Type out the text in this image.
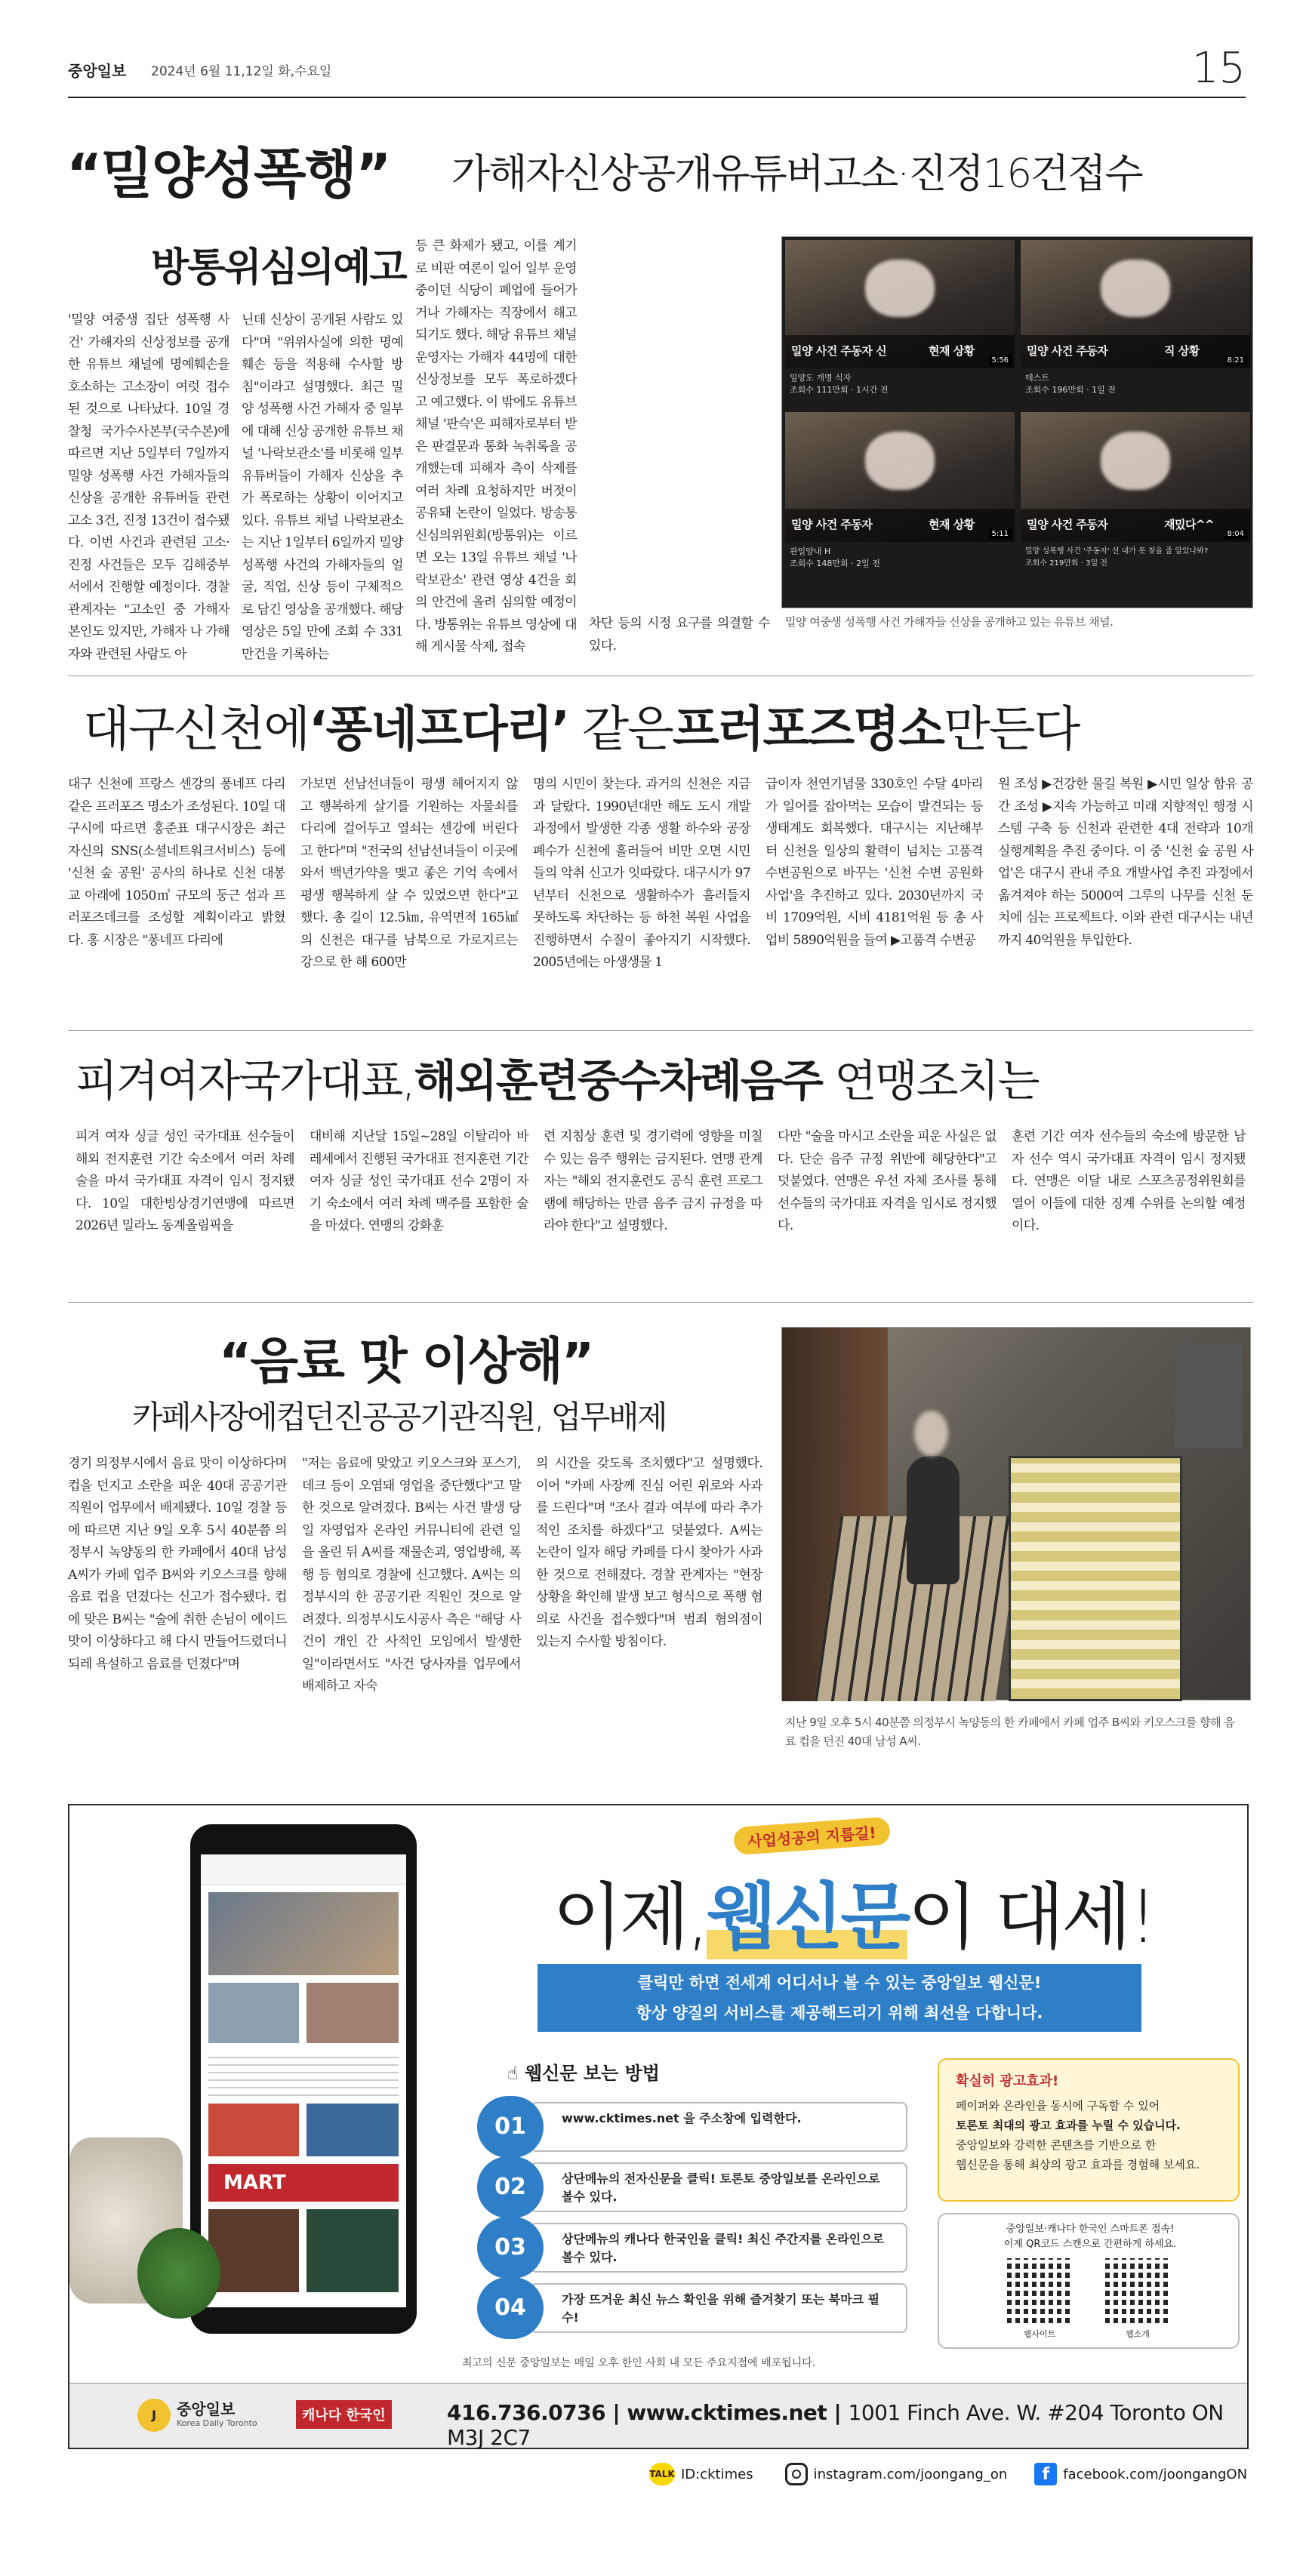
중앙일보 2024년 6월 11,12일 화,수요일	15
“밀양성폭행” 가해자신상공개유튜버고소·진정16건접수
방통위심의예고
'밀양 여중생 집단 성폭행 사건' 가해자의 신상정보를 공개한 유튜브 채널에 명예훼손을 호소하는 고소장이 여럿 접수된 것으로 나타났다. 10일 경찰청 국가수사본부(국수본)에 따르면 지난 5일부터 7일까지 밀양 성폭행 사건 가해자들의 신상을 공개한 유튜버들 관련 고소 3건, 진정 13건이 접수됐다. 이번 사건과 관련된 고소·진정 사건들은 모두 김해중부서에서 진행할 예정이다. 경찰 관계자는 "고소인 중 가해자 본인도 있지만, 가해자 나 가해자와 관련된 사람도 아
닌데 신상이 공개된 사람도 있다"며 "위위사실에 의한 명예훼손 등을 적용해 수사할 방침"이라고 설명했다. 최근 밀양 성폭행 사건 가해자 중 일부에 대해 신상 공개한 유튜브 채널 '나락보관소'를 비롯해 일부 유튜버들이 가해자 신상을 추가 폭로하는 상황이 이어지고 있다. 유튜브 채널 나락보관소는 지난 1일부터 6일까지 밀양 성폭행 사건의 가해자들의 얼굴, 직업, 신상 등이 구체적으로 담긴 영상을 공개했다. 해당 영상은 5일 만에 조회 수 331만건을 기록하는
등 큰 화제가 됐고, 이를 계기로 비판 여론이 일어 일부 운영 중이던 식당이 폐업에 들어가거나 가해자는 직장에서 해고되기도 했다. 해당 유튜브 채널 운영자는 가해자 44명에 대한 신상정보를 모두 폭로하겠다고 예고했다. 이 밖에도 유튜브 채널 '판슥'은 피해자로부터 받은 판결문과 통화 녹취록을 공개했는데 피해자 측이 삭제를 여러 차례 요청하지만 버젓이 공유돼 논란이 일었다. 방송통신심의위원회(방통위)는 이르면 오는 13일 유튜브 채널 '나락보관소' 관련 영상 4건을 회의 안건에 올려 심의할 예정이다. 방통위는 유튜브 영상에 대해 게시물 삭제, 접속
밀양 사건 주동자 신	현재 상황
5:56
밀양도 개명 식자
조회수 111만회 · 1시간 전
밀양 사건 주동자	직 상황
8:21
테스트
조회수 196만회 · 1일 전
밀양 사건 주동자	현재 상황
5:11
관밀양내 H
조회수 148만회 · 2일 전
밀양 사건 주동자	재밌다^^
8:04
밀양 성폭행 사건 '주동자' 선 내가 못 찾을 줄 알았나봐?
조회수 219만회 · 3일 전
밀양 여중생 성폭행 사건 가해자들 신상을 공개하고 있는 유튜브 채널.
차단 등의 시정 요구를 의결할 수 있다.
대구신천에‘퐁네프다리’ 같은프러포즈명소만든다
대구 신천에 프랑스 센강의 퐁네프 다리 같은 프러포즈 명소가 조성된다. 10일 대구시에 따르면 홍준표 대구시장은 최근 자신의 SNS(소셜네트워크서비스) 등에 '신천 숲 공원' 공사의 하나로 신천 대봉교 아래에 1050㎡ 규모의 둥근 섬과 프러포즈데크를 조성할 계획이라고 밝혔다. 홍 시장은 "퐁네프 다리에
가보면 선남선녀들이 평생 헤어지지 않고 행복하게 살기를 기원하는 자물쇠를 다리에 걸어두고 열쇠는 센강에 버린다고 한다"며 "전국의 선남선녀들이 이곳에 와서 백년가약을 맺고 좋은 기억 속에서 평생 행복하게 살 수 있었으면 한다"고 했다. 총 길이 12.5㎞, 유역면적 165㎢의 신천은 대구를 남북으로 가로지르는 강으로 한 해 600만
명의 시민이 찾는다. 과거의 신천은 지금과 달랐다. 1990년대만 해도 도시 개발 과정에서 발생한 각종 생활 하수와 공장 폐수가 신천에 흘러들어 비만 오면 시민들의 악취 신고가 잇따랐다. 대구시가 97년부터 신천으로 생활하수가 흘러들지 못하도록 차단하는 등 하천 복원 사업을 진행하면서 수질이 좋아지기 시작했다. 2005년에는 아생생물 1
급이자 천연기념물 330호인 수달 4마리가 일어를 잡아먹는 모습이 발견되는 등 생태계도 회복했다. 대구시는 지난해부터 신천을 일상의 활력이 넘치는 고품격 수변공원으로 바꾸는 '신천 수변 공원화 사업'을 추진하고 있다. 2030년까지 국비 1709억원, 시비 4181억원 등 총 사업비 5890억원을 들여 ▶고품격 수변공
원 조성 ▶건강한 물길 복원 ▶시민 일상 함유 공간 조성 ▶지속 가능하고 미래 지향적인 행정 시스템 구축 등 신천과 관련한 4대 전략과 10개 실행계획을 추진 중이다. 이 중 '신천 숲 공원 사업'은 대구시 관내 주요 개발사업 추진 과정에서 옮겨져야 하는 5000여 그루의 나무를 신천 둔치에 심는 프로젝트다. 이와 관련 대구시는 내년까지 40억원을 투입한다.
피겨여자국가대표,해외훈련중수차례음주 연맹조치는
피겨 여자 싱글 성인 국가대표 선수들이 해외 전지훈련 기간 숙소에서 여러 차례 술을 마셔 국가대표 자격이 임시 정지됐다. 10일 대한빙상경기연맹에 따르면 2026년 밀라노 동계올림픽을
대비해 지난달 15일~28일 이탈리아 바레세에서 진행된 국가대표 전지훈련 기간 여자 싱글 성인 국가대표 선수 2명이 자기 숙소에서 여러 차례 맥주를 포함한 술을 마셨다. 연맹의 강화훈
련 지침상 훈련 및 경기력에 영향을 미칠 수 있는 음주 행위는 금지된다. 연맹 관계자는 "해외 전지훈련도 공식 훈련 프로그램에 해당하는 만큼 음주 금지 규정을 따라야 한다"고 설명했다.
다만 "술을 마시고 소란을 피운 사실은 없다. 단순 음주 규정 위반에 해당한다"고 덧붙였다. 연맹은 우선 자체 조사를 통해 선수들의 국가대표 자격을 임시로 정지했다.
훈련 기간 여자 선수들의 숙소에 방문한 남자 선수 역시 국가대표 자격이 임시 정지됐다. 연맹은 이달 내로 스포츠공정위원회를 열어 이들에 대한 징계 수위를 논의할 예정이다.
“음료 맛 이상해”
카페사장에컵던진공공기관직원, 업무배제
경기 의정부시에서 음료 맛이 이상하다며 컵을 던지고 소란을 피운 40대 공공기관 직원이 업무에서 배제됐다. 10일 경찰 등에 따르면 지난 9일 오후 5시 40분쯤 의정부시 녹양동의 한 카페에서 40대 남성 A씨가 카페 업주 B씨와 키오스크를 향해 음료 컵을 던졌다는 신고가 접수됐다. 컵에 맞은 B씨는 "술에 취한 손님이 에이드 맛이 이상하다고 해 다시 만들어드렸더니 되레 욕설하고 음료를 던졌다"며
"저는 음료에 맞았고 키오스크와 포스기, 데크 등이 오염돼 영업을 중단했다"고 말한 것으로 알려졌다. B씨는 사건 발생 당일 자영업자 온라인 커뮤니티에 관련 일을 올린 뒤 A씨를 재물손괴, 영업방해, 폭행 등 혐의로 경찰에 신고했다. A씨는 의정부시의 한 공공기관 직원인 것으로 알려졌다. 의정부시도시공사 측은 "해당 사건이 개인 간 사적인 모임에서 발생한 일"이라면서도 "사건 당사자를 업무에서 배제하고 자숙
의 시간을 갖도록 조치했다"고 설명했다. 이어 "카페 사장께 진심 어린 위로와 사과를 드린다"며 "조사 결과 여부에 따라 추가적인 조치를 하겠다"고 덧붙였다. A씨는 논란이 일자 해당 카페를 다시 찾아가 사과한 것으로 전해졌다. 경찰 관계자는 "현장 상황을 확인해 발생 보고 형식으로 폭행 혐의로 사건을 접수했다"며 범죄 혐의점이 있는지 수사할 방침이다.
지난 9일 오후 5시 40분쯤 의정부시 녹양동의 한 카페에서 카페 업주 B씨와 키오스크를 향해 음료 컵을 던진 40대 남성 A씨.
MART
사업성공의 지름길!
이제,웹신문이 대세!
클릭만 하면 전세계 어디서나 볼 수 있는 중앙일보 웹신문!
항상 양질의 서비스를 제공해드리기 위해 최선을 다합니다.
☝ 웹신문 보는 방법
www.cktimes.net 을 주소창에 입력한다.
01
상단메뉴의 전자신문을 클릭! 토론토 중앙일보를 온라인으로 볼수 있다.
02
상단메뉴의 캐나다 한국인을 클릭! 최신 주간지를 온라인으로 볼수 있다.
03
가장 뜨거운 최신 뉴스 확인을 위해 즐겨찾기 또는 북마크 필수!
04
확실히 광고효과!
페이퍼와 온라인을 동시에 구독할 수 있어
토론토 최대의 광고 효과를 누릴 수 있습니다.
중앙일보와 강력한 콘텐츠를 기반으로 한
웹신문을 통해 최상의 광고 효과를 경험해 보세요.
중앙일보·캐나다 한국인 스마트폰 접속!
이제 QR코드 스캔으로 간편하게 하세요.
웹사이트	웹소개
최고의 신문 중앙일보는 매일 오후 한인 사회 내 모든 주요지점에 배포됩니다.
J	중앙일보
Korea Daily Toronto	캐나다 한국인	416.736.0736 | www.cktimes.net | 1001 Finch Ave. W. #204 Toronto ON M3J 2C7
TALK ID:cktimes	instagram.com/joongang_on	f	facebook.com/joongangON
